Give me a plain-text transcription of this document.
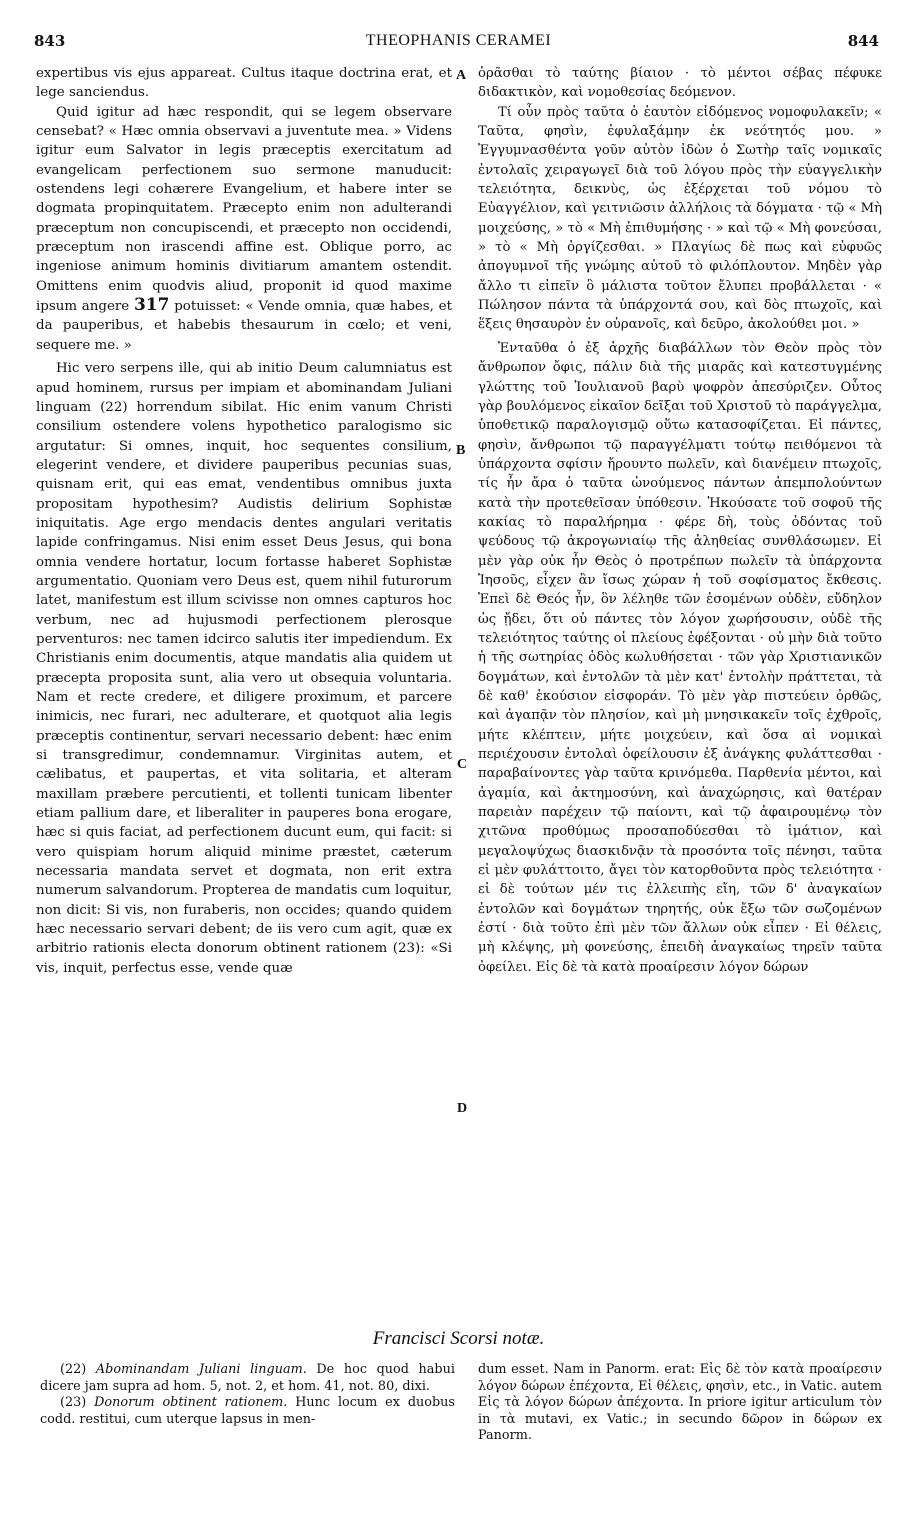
843	THEOPHANIS CERAMEI	844

expertibus vis ejus appareat. Cultus itaque doctrina erat, et lege sanciendus.

Quid igitur ad hæc respondit, qui se legem observare censebat? « Hæc omnia observavi a juventute mea. » Videns igitur eum Salvator in legis præceptis exercitatum ad evangelicam perfectionem suo sermone manuducit: ostendens legi cohærere Evangelium, et habere inter se dogmata propinquitatem. Præcepto enim non adulterandi præceptum non concupiscendi, et præcepto non occidendi, præceptum non irascendi affine est. Oblique porro, ac ingeniose animum hominis divitiarum amantem ostendit. Omittens enim quodvis aliud, proponit id quod maxime ipsum angere 317 potuisset: « Vende omnia, quæ habes, et da pauperibus, et habebis thesaurum in cœlo; et veni, sequere me. »

Hic vero serpens ille, qui ab initio Deum calumniatus est apud hominem, rursus per impiam et abominandam Juliani linguam (22) horrendum sibilat. Hic enim vanum Christi consilium ostendere volens hypothetico paralogismo sic argutatur: Si omnes, inquit, hoc sequentes consilium, elegerint vendere, et dividere pauperibus pecunias suas, quisnam erit, qui eas emat, vendentibus omnibus juxta propositam hypothesim? Audistis delirium Sophistæ iniquitatis. Age ergo mendacis dentes angulari veritatis lapide confringamus. Nisi enim esset Deus Jesus, qui bona omnia vendere hortatur, locum fortasse haberet Sophistæ argumentatio. Quoniam vero Deus est, quem nihil futurorum latet, manifestum est illum scivisse non omnes capturos hoc verbum, nec ad hujusmodi perfectionem plerosque perventuros: nec tamen idcirco salutis iter impediendum. Ex Christianis enim documentis, atque mandatis alia quidem ut præcepta proposita sunt, alia vero ut obsequia voluntaria. Nam et recte credere, et diligere proximum, et parcere inimicis, nec furari, nec adulterare, et quotquot alia legis præceptis continentur, servari necessario debent: hæc enim si transgredimur, condemnamur. Virginitas autem, et cælibatus, et paupertas, et vita solitaria, et alteram maxillam præbere percutienti, et tollenti tunicam libenter etiam pallium dare, et liberaliter in pauperes bona erogare, hæc si quis faciat, ad perfectionem ducunt eum, qui facit: si vero quispiam horum aliquid minime præstet, cæterum necessaria mandata servet et dogmata, non erit extra numerum salvandorum. Propterea de mandatis cum loquitur, non dicit: Si vis, non furaberis, non occides; quando quidem hæc necessario servari debent; de iis vero cum agit, quæ ex arbitrio rationis electa donorum obtinent rationem (23): «Si vis, inquit, perfectus esse, vende quæ

ὁρᾶσθαι τὸ ταύτης βίαιον · τὸ μέντοι σέβας πέφυκε διδακτικὸν, καὶ νομοθεσίας δεόμενον.

Τί οὖν πρὸς ταῦτα ὁ ἑαυτὸν εἰδόμενος νομοφυλακεῖν; « Ταῦτα, φησὶν, ἐφυλαξάμην ἐκ νεότητός μου. » Ἐγγυμνασθέντα γοῦν αὐτὸν ἰδὼν ὁ Σωτὴρ ταῖς νομικαῖς ἐντολαῖς χειραγωγεῖ διὰ τοῦ λόγου πρὸς τὴν εὐαγγελικὴν τελειότητα, δεικνὺς, ὡς ἐξέρχεται τοῦ νόμου τὸ Εὐαγγέλιον, καὶ γειτνιῶσιν ἀλλήλοις τὰ δόγματα · τῷ « Μὴ μοιχεύσης, » τὸ « Μὴ ἐπιθυμήσης · » καὶ τῷ « Μὴ φονεύσαι, » τὸ « Μὴ ὀργίζεσθαι. » Πλαγίως δὲ πως καὶ εὐφυῶς ἀπογυμνοῖ τῆς γνώμης αὐτοῦ τὸ φιλόπλουτον. Μηδὲν γὰρ ἄλλο τι εἰπεῖν ὃ μάλιστα τοῦτον ἔλυπει προβάλλεται · « Πώλησον πάντα τὰ ὑπάρχοντά σου, καὶ δὸς πτωχοῖς, καὶ ἕξεις θησαυρὸν ἐν οὐρανοῖς, καὶ δεῦρο, ἀκολούθει μοι. »

Ἐνταῦθα ὁ ἐξ ἀρχῆς διαβάλλων τὸν Θεὸν πρὸς τὸν ἄνθρωπον ὄφις, πάλιν διὰ τῆς μιαρᾶς καὶ κατεστυγμένης γλώττης τοῦ Ἰουλιανοῦ βαρὺ ψοφρὸν ἀπεσύριζεν. Οὗτος γὰρ βουλόμενος εἰκαῖον δεῖξαι τοῦ Χριστοῦ τὸ παράγγελμα, ὑποθετικῷ παραλογισμῷ οὕτω κατασοφίζεται. Εἰ πάντες, φησὶν, ἄνθρωποι τῷ παραγγέλματι τούτῳ πειθόμενοι τὰ ὑπάρχοντα σφίσιν ἤρουντο πωλεῖν, καὶ διανέμειν πτωχοῖς, τίς ἦν ἄρα ὁ ταῦτα ὠνούμενος πάντων ἀπεμπολούντων κατὰ τὴν προτεθεῖσαν ὑπόθεσιν. Ἠκούσατε τοῦ σοφοῦ τῆς κακίας τὸ παραλήρημα · φέρε δὴ, τοὺς ὀδόντας τοῦ ψεύδους τῷ ἀκρογωνιαίῳ τῆς ἀληθείας συνθλάσωμεν. Εἰ μὲν γὰρ οὐκ ἦν Θεὸς ὁ προτρέπων πωλεῖν τὰ ὑπάρχοντα Ἰησοῦς, εἶχεν ἂν ἴσως χώραν ἡ τοῦ σοφίσματος ἔκθεσις. Ἐπεὶ δὲ Θεός ἦν, ὃν λέληθε τῶν ἐσομένων οὐδὲν, εὔδηλον ὡς ᾔδει, ὅτι οὐ πάντες τὸν λόγον χωρήσουσιν, οὐδὲ τῆς τελειότητος ταύτης οἱ πλείους ἐφέξονται · οὐ μὴν διὰ τοῦτο ἡ τῆς σωτηρίας ὁδὸς κωλυθήσεται · τῶν γὰρ Χριστιανικῶν δογμάτων, καὶ ἐντολῶν τὰ μὲν κατ' ἐντολὴν πράττεται, τὰ δὲ καθ' ἑκούσιον εἰσφοράν. Τὸ μὲν γὰρ πιστεύειν ὀρθῶς, καὶ ἀγαπᾷν τὸν πλησίον, καὶ μὴ μνησικακεῖν τοῖς ἐχθροῖς, μήτε κλέπτειν, μήτε μοιχεύειν, καὶ ὅσα αἱ νομικαὶ περιέχουσιν ἐντολαὶ ὀφείλουσιν ἐξ ἀνάγκης φυλάττεσθαι · παραβαίνοντες γὰρ ταῦτα κρινόμεθα. Παρθενία μέντοι, καὶ ἀγαμία, καὶ ἀκτημοσύνη, καὶ ἀναχώρησις, καὶ θατέραν παρειὰν παρέχειν τῷ παίοντι, καὶ τῷ ἀφαιρουμένῳ τὸν χιτῶνα προθύμως προσαποδύεσθαι τὸ ἱμάτιον, καὶ μεγαλοψύχως διασκιδνᾷν τὰ προσόντα τοῖς πένησι, ταῦτα εἰ μὲν φυλάττοιτο, ἄγει τὸν κατορθοῦντα πρὸς τελειότητα · εἰ δὲ τούτων μέν τις ἐλλειπὴς εἴη, τῶν δ' ἀναγκαίων ἐντολῶν καὶ δογμάτων τηρητής, οὐκ ἔξω τῶν σωζομένων ἐστί · διὰ τοῦτο ἐπὶ μὲν τῶν ἄλλων οὐκ εἶπεν · Εἰ θέλεις, μὴ κλέψης, μὴ φονεύσης, ἐπειδὴ ἀναγκαίως τηρεῖν ταῦτα ὀφείλει. Εἰς δὲ τὰ κατὰ προαίρεσιν λόγον δώρων

A
B
C
D
Francisci Scorsi notæ.

(22) Abominandam Juliani linguam. De hoc quod habui dicere jam supra ad hom. 5, not. 2, et hom. 41, not. 80, dixi.

(23) Donorum obtinent rationem. Hunc locum ex duobus codd. restitui, cum uterque lapsus in men-

dum esset. Nam in Panorm. erat: Εἰς δὲ τὸν κατὰ προαίρεσιν λόγον δώρων ἐπέχοντα, Εἰ θέλεις, φησὶν, etc., in Vatic. autem Εἰς τὰ λόγον δώρων ἀπέχοντα. In priore igitur articulum τὸν in τὰ mutavi, ex Vatic.; in secundo δῶρον in δώρων ex Panorm.
